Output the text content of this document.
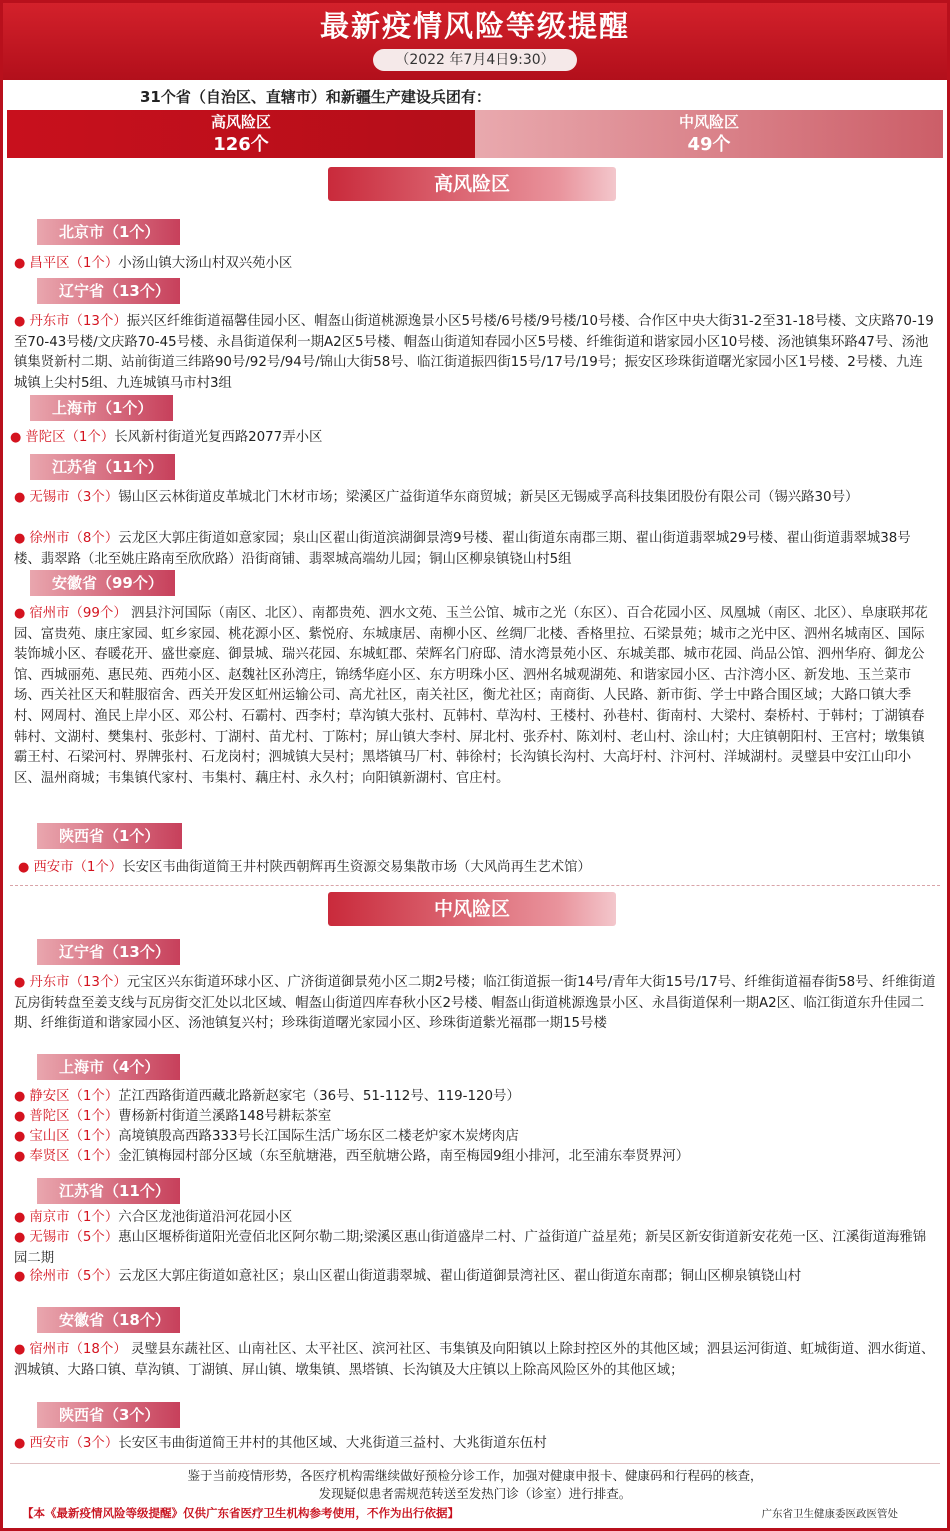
最新疫情风险等级提醒
（2022 年7月4日9:30）
31个省（自治区、直辖市）和新疆生产建设兵团有：
高风险区
126个
中风险区
49个
高风险区
北京市（1个）
● 昌平区（1个）小汤山镇大汤山村双兴苑小区
辽宁省（13个）
● 丹东市（13个）振兴区纤维街道福馨佳园小区、帽盔山街道桃源逸景小区5号楼/6号楼/9号楼/10号楼、合作区中央大街31-2至31-18号楼、文庆路70-19至70-43号楼/文庆路70-45号楼、永昌街道保利一期A2区5号楼、帽盔山街道知春园小区5号楼、纤维街道和谐家园小区10号楼、汤池镇集环路47号、汤池镇集贤新村二期、站前街道三纬路90号/92号/94号/锦山大街58号、临江街道振四街15号/17号/19号；振安区珍珠街道曙光家园小区1号楼、2号楼、九连城镇上尖村5组、九连城镇马市村3组
上海市（1个）
● 普陀区（1个）长风新村街道光复西路2077弄小区
江苏省（11个）
● 无锡市（3个）锡山区云林街道皮革城北门木材市场；梁溪区广益街道华东商贸城；新吴区无锡威孚高科技集团股份有限公司（锡兴路30号）
● 徐州市（8个）云龙区大郭庄街道如意家园；泉山区翟山街道滨湖御景湾9号楼、翟山街道东南郡三期、翟山街道翡翠城29号楼、翟山街道翡翠城38号楼、翡翠路（北至姚庄路南至欣欣路）沿街商铺、翡翠城高端幼儿园；铜山区柳泉镇铙山村5组
安徽省（99个）
● 宿州市（99个） 泗县汴河国际（南区、北区）、南都贵苑、泗水文苑、玉兰公馆、城市之光（东区）、百合花园小区、凤凰城（南区、北区）、阜康联邦花园、富贵苑、康庄家园、虹乡家园、桃花源小区、紫悦府、东城康居、南柳小区、丝绸厂北楼、香格里拉、石梁景苑；城市之光中区、泗州名城南区、国际装饰城小区、春暖花开、盛世豪庭、御景城、瑞兴花园、东城虹郡、荣辉名门府邸、清水湾景苑小区、东城美郡、城市花园、尚品公馆、泗州华府、御龙公馆、西城丽苑、惠民苑、西苑小区、赵魏社区孙湾庄，锦绣华庭小区、东方明珠小区、泗州名城观湖苑、和谐家园小区、古汴湾小区、新发地、玉兰菜市场、西关社区天和鞋服宿舍、西关开发区虹州运输公司、高尤社区，南关社区，衡尤社区；南商街、人民路、新市街、学士中路合围区域；大路口镇大季村、网周村、渔民上岸小区、邓公村、石霸村、西李村；草沟镇大张村、瓦韩村、草沟村、王楼村、孙巷村、街南村、大梁村、秦桥村、于韩村；丁湖镇春韩村、文湖村、樊集村、张彭村、丁湖村、苗尤村、丁陈村；屏山镇大李村、屏北村、张乔村、陈刘村、老山村、涂山村；大庄镇朝阳村、王宫村；墩集镇霸王村、石梁河村、界牌张村、石龙岗村；泗城镇大吴村；黑塔镇马厂村、韩徐村；长沟镇长沟村、大高圩村、汴河村、洋城湖村。灵璧县中安江山印小区、温州商城；韦集镇代家村、韦集村、藕庄村、永久村；向阳镇新湖村、官庄村。
陕西省（1个）
● 西安市（1个）长安区韦曲街道简王井村陕西朝辉再生资源交易集散市场（大风尚再生艺术馆）
中风险区
辽宁省（13个）
● 丹东市（13个）元宝区兴东街道环球小区、广济街道御景苑小区二期2号楼；临江街道振一街14号/青年大街15号/17号、纤维街道福春街58号、纤维街道瓦房街转盘至姜支线与瓦房街交汇处以北区域、帽盔山街道四库春秋小区2号楼、帽盔山街道桃源逸景小区、永昌街道保利一期A2区、临江街道东升佳园二期、纤维街道和谐家园小区、汤池镇复兴村；珍珠街道曙光家园小区、珍珠街道紫光福郡一期15号楼
上海市（4个）
● 静安区（1个）芷江西路街道西藏北路新赵家宅（36号、51-112号、119-120号）
● 普陀区（1个）曹杨新村街道兰溪路148号耕耘茶室
● 宝山区（1个）高境镇殷高西路333号长江国际生活广场东区二楼老炉家木炭烤肉店
● 奉贤区（1个）金汇镇梅园村部分区域（东至航塘港，西至航塘公路，南至梅园9组小排河，北至浦东奉贤界河）
江苏省（11个）
● 南京市（1个）六合区龙池街道沿河花园小区
● 无锡市（5个）惠山区堰桥街道阳光壹佰北区阿尔勒二期;梁溪区惠山街道盛岸二村、广益街道广益星苑；新吴区新安街道新安花苑一区、江溪街道海雅锦园二期
● 徐州市（5个）云龙区大郭庄街道如意社区；泉山区翟山街道翡翠城、翟山街道御景湾社区、翟山街道东南郡；铜山区柳泉镇铙山村
安徽省（18个）
● 宿州市（18个） 灵璧县东蔬社区、山南社区、太平社区、滨河社区、韦集镇及向阳镇以上除封控区外的其他区域；泗县运河街道、虹城街道、泗水街道、泗城镇、大路口镇、草沟镇、丁湖镇、屏山镇、墩集镇、黑塔镇、长沟镇及大庄镇以上除高风险区外的其他区域；
陕西省（3个）
● 西安市（3个）长安区韦曲街道简王井村的其他区域、大兆街道三益村、大兆街道东伍村
鉴于当前疫情形势，各医疗机构需继续做好预检分诊工作，加强对健康申报卡、健康码和行程码的核查，
发现疑似患者需规范转送至发热门诊（诊室）进行排查。
【本《最新疫情风险等级提醒》仅供广东省医疗卫生机构参考使用，不作为出行依据】	广东省卫生健康委医政医管处
